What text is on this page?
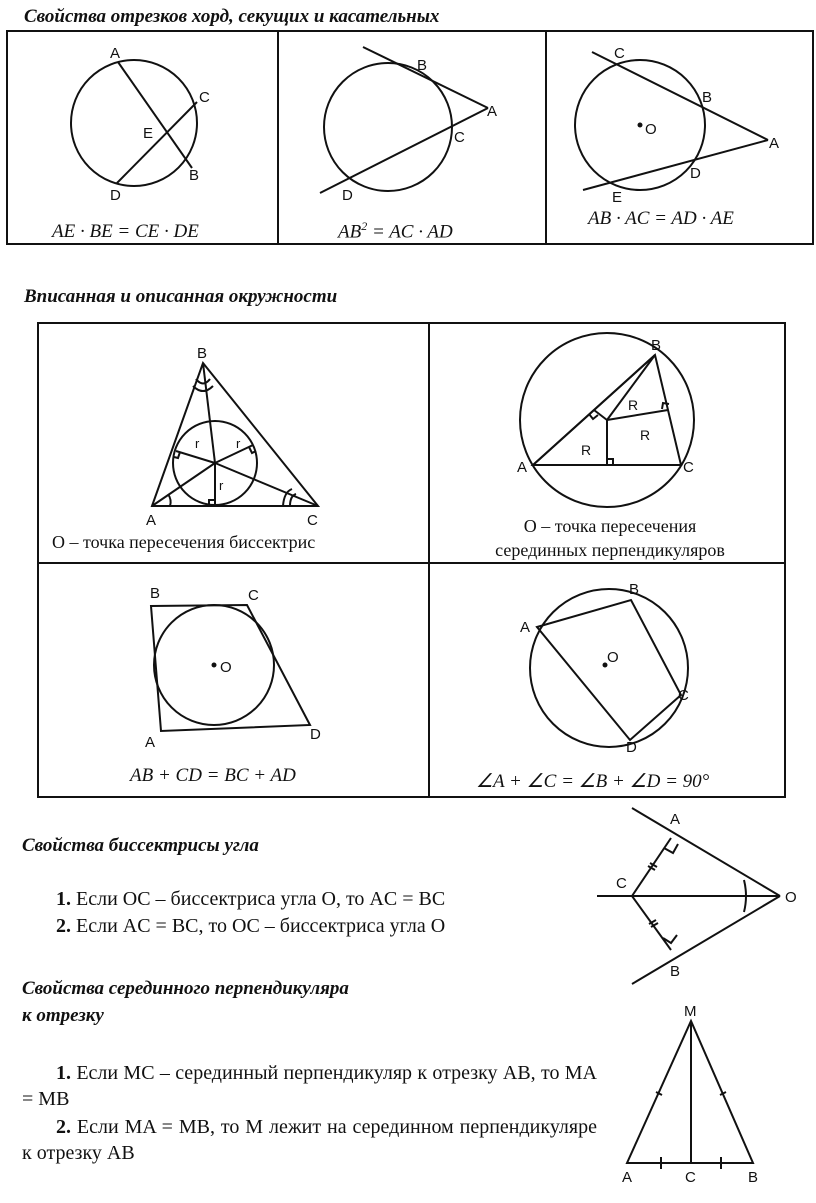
Свойства отрезков хорд, секущих и касательных
Вписанная и описанная окружности
Свойства биссектрисы угла
Свойства серединного перпендикуляра
к отрезку
A
C
E
B
D
B
A
C
D
C
B
O
A
D
E
B
A	C
r	r
r
B
A	C
R
R
R
B	C
O
A	D
B
A
O
C
D
A
C
O
B
M
A	C	B
AE · BE = CE · DE	$AB^2$ = AC · AD
AB · AC = AD · AE
O – точка пересечения биссектрис
O – точка пересечения
серединных перпендикуляров
AB + CD = BC + AD	∠A + ∠C = ∠B + ∠D = 90°
1. Если OC – биссектриса угла O, то AC = BC
2. Если AC = BC, то OC – биссектриса угла O
1. Если MC – серединный перпендикуляр к отрезку AB, то MA = MB
2. Если MA = MB, то M лежит на серединном перпендикуляре к отрезку AB
